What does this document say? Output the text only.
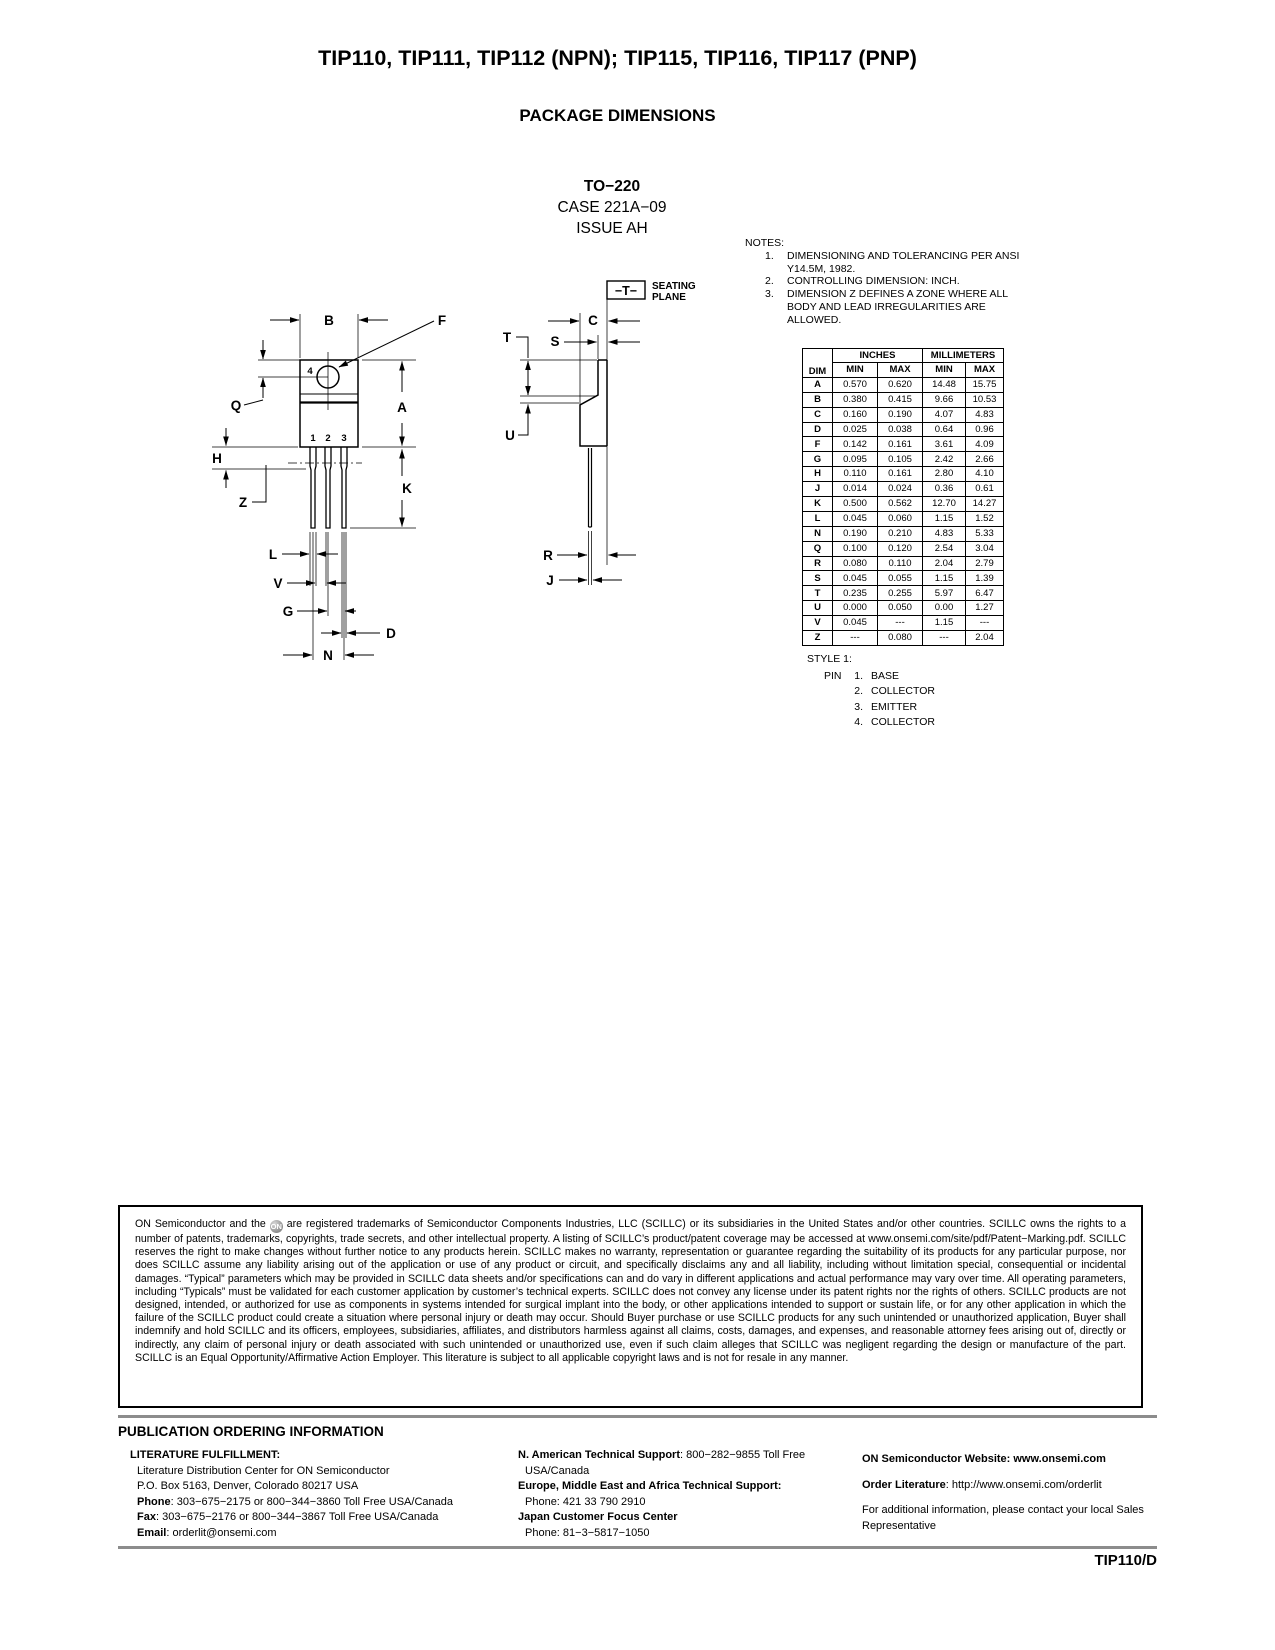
TIP110, TIP111, TIP112 (NPN); TIP115, TIP116, TIP117 (PNP)
PACKAGE DIMENSIONS
TO−220
CASE 221A−09
ISSUE AH
B	F
Q	A
H
Z
K
L
V
G
D
N
4
1 2 3
−T− SEATING
PLANE
C
S
T
U
R
J
NOTES:
1.	DIMENSIONING AND TOLERANCING PER ANSI Y14.5M, 1982.
2.	CONTROLLING DIMENSION: INCH.
3.	DIMENSION Z DEFINES A ZONE WHERE ALL BODY AND LEAD IRREGULARITIES ARE ALLOWED.
DIM	INCHES		MILLIMETERS	
	MIN	MAX	MIN	MAX
A	0.570	0.620	14.48	15.75
B	0.380	0.415	9.66	10.53
C	0.160	0.190	4.07	4.83
D	0.025	0.038	0.64	0.96
F	0.142	0.161	3.61	4.09
G	0.095	0.105	2.42	2.66
H	0.110	0.161	2.80	4.10
J	0.014	0.024	0.36	0.61
K	0.500	0.562	12.70	14.27
L	0.045	0.060	1.15	1.52
N	0.190	0.210	4.83	5.33
Q	0.100	0.120	2.54	3.04
R	0.080	0.110	2.04	2.79
S	0.045	0.055	1.15	1.39
T	0.235	0.255	5.97	6.47
U	0.000	0.050	0.00	1.27
V	0.045	---	1.15	---
Z	---	0.080	---	2.04
STYLE 1:
PIN	1.	BASE
	2.	COLLECTOR
	3.	EMITTER
	4.	COLLECTOR

ON Semiconductor and the ON are registered trademarks of Semiconductor Components Industries, LLC (SCILLC) or its subsidiaries in the United States and/or other countries. SCILLC owns the rights to a number of patents, trademarks, copyrights, trade secrets, and other intellectual property. A listing of SCILLC’s product/patent coverage may be accessed at www.onsemi.com/site/pdf/Patent−Marking.pdf. SCILLC reserves the right to make changes without further notice to any products herein. SCILLC makes no warranty, representation or guarantee regarding the suitability of its products for any particular purpose, nor does SCILLC assume any liability arising out of the application or use of any product or circuit, and specifically disclaims any and all liability, including without limitation special, consequential or incidental damages. “Typical” parameters which may be provided in SCILLC data sheets and/or specifications can and do vary in different applications and actual performance may vary over time. All operating parameters, including “Typicals” must be validated for each customer application by customer’s technical experts. SCILLC does not convey any license under its patent rights nor the rights of others. SCILLC products are not designed, intended, or authorized for use as components in systems intended for surgical implant into the body, or other applications intended to support or sustain life, or for any other application in which the failure of the SCILLC product could create a situation where personal injury or death may occur. Should Buyer purchase or use SCILLC products for any such unintended or unauthorized application, Buyer shall indemnify and hold SCILLC and its officers, employees, subsidiaries, affiliates, and distributors harmless against all claims, costs, damages, and expenses, and reasonable attorney fees arising out of, directly or indirectly, any claim of personal injury or death associated with such unintended or unauthorized use, even if such claim alleges that SCILLC was negligent regarding the design or manufacture of the part. SCILLC is an Equal Opportunity/Affirmative Action Employer. This literature is subject to all applicable copyright laws and is not for resale in any manner.

PUBLICATION ORDERING INFORMATION
LITERATURE FULFILLMENT:
Literature Distribution Center for ON Semiconductor
P.O. Box 5163, Denver, Colorado 80217 USA
Phone: 303−675−2175 or 800−344−3860 Toll Free USA/Canada
Fax: 303−675−2176 or 800−344−3867 Toll Free USA/Canada
Email: orderlit@onsemi.com
N. American Technical Support: 800−282−9855 Toll Free
USA/Canada
Europe, Middle East and Africa Technical Support:
Phone: 421 33 790 2910
Japan Customer Focus Center
Phone: 81−3−5817−1050
ON Semiconductor Website: www.onsemi.com
Order Literature: http://www.onsemi.com/orderlit
For additional information, please contact your local Sales Representative
TIP110/D
